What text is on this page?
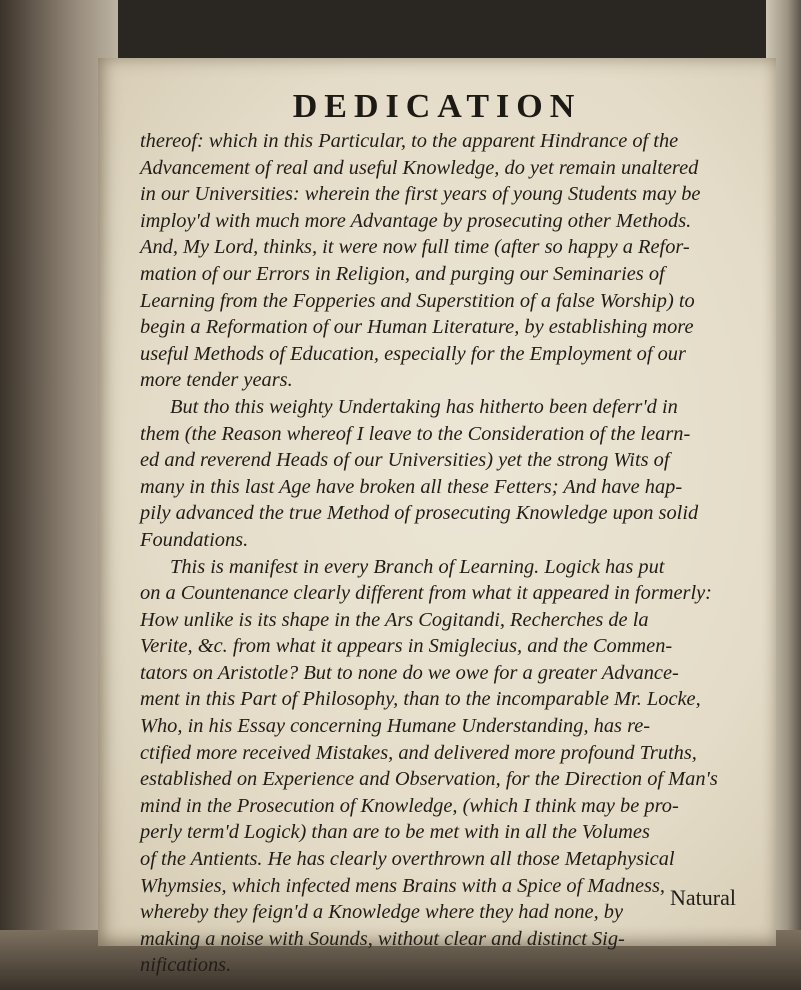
DEDICATION
thereof: which in this Particular, to the apparent Hindrance of the
Advancement of real and useful Knowledge, do yet remain unaltered
in our Universities: wherein the first years of young Students may be
imploy'd with much more Advantage by prosecuting other Methods.
And, My Lord, thinks, it were now full time (after so happy a Refor-
mation of our Errors in Religion, and purging our Seminaries of
Learning from the Fopperies and Superstition of a false Worship) to
begin a Reformation of our Human Literature, by establishing more
useful Methods of Education, especially for the Employment of our
more tender years.
But tho this weighty Undertaking has hitherto been deferr'd in
them (the Reason whereof I leave to the Consideration of the learn-
ed and reverend Heads of our Universities) yet the strong Wits of
many in this last Age have broken all these Fetters; And have hap-
pily advanced the true Method of prosecuting Knowledge upon solid
Foundations.
This is manifest in every Branch of Learning. Logick has put
on a Countenance clearly different from what it appeared in formerly:
How unlike is its shape in the Ars Cogitandi, Recherches de la
Verite, &c. from what it appears in Smiglecius, and the Commen-
tators on Aristotle? But to none do we owe for a greater Advance-
ment in this Part of Philosophy, than to the incomparable Mr. Locke,
Who, in his Essay concerning Humane Understanding, has re-
ctified more received Mistakes, and delivered more profound Truths,
established on Experience and Observation, for the Direction of Man's
mind in the Prosecution of Knowledge, (which I think may be pro-
perly term'd Logick) than are to be met with in all the Volumes
of the Antients. He has clearly overthrown all those Metaphysical
Whymsies, which infected mens Brains with a Spice of Madness,
whereby they feign'd a Knowledge where they had none, by
making a noise with Sounds, without clear and distinct Sig-
nifications.
Natural
